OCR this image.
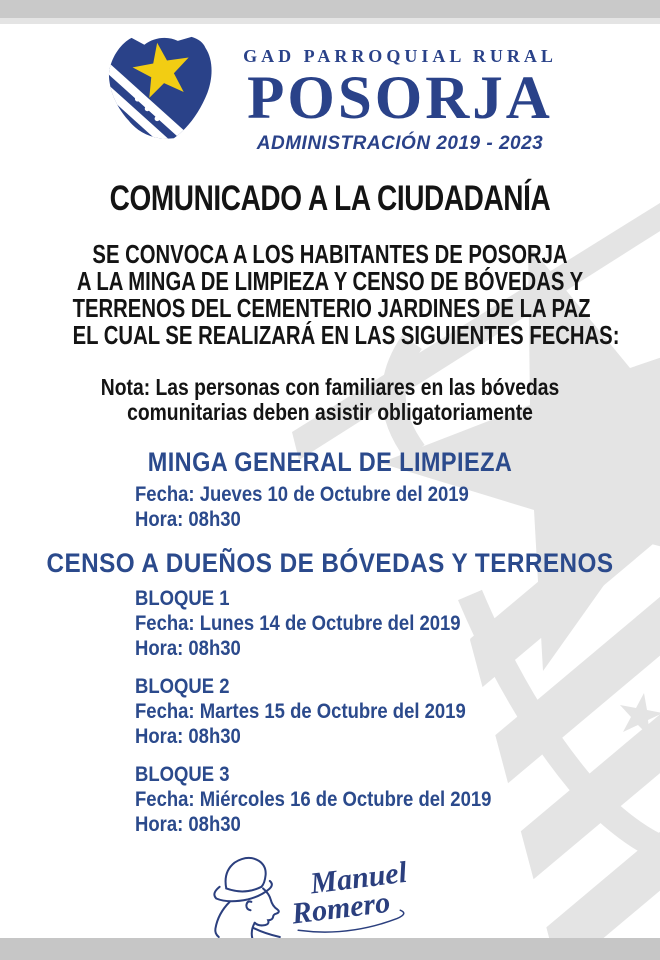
GAD PARROQUIAL RURAL
POSORJA
ADMINISTRACIÓN 2019 - 2023
COMUNICADO A LA CIUDADANÍA
SE CONVOCA A LOS HABITANTES DE POSORJA
A LA MINGA DE LIMPIEZA Y CENSO DE BÓVEDAS Y
TERRENOS DEL CEMENTERIO JARDINES DE LA PAZ
EL CUAL SE REALIZARÁ EN LAS SIGUIENTES FECHAS:
Nota: Las personas con familiares en las bóvedas
comunitarias deben asistir obligatoriamente
MINGA GENERAL DE LIMPIEZA
Fecha: Jueves 10 de Octubre del 2019
Hora: 08h30
CENSO A DUEÑOS DE BÓVEDAS Y TERRENOS
BLOQUE 1
Fecha: Lunes 14 de Octubre del 2019
Hora: 08h30
BLOQUE 2
Fecha: Martes 15 de Octubre del 2019
Hora: 08h30
BLOQUE 3
Fecha: Miércoles 16 de Octubre del 2019
Hora: 08h30
Manuel
Romero
